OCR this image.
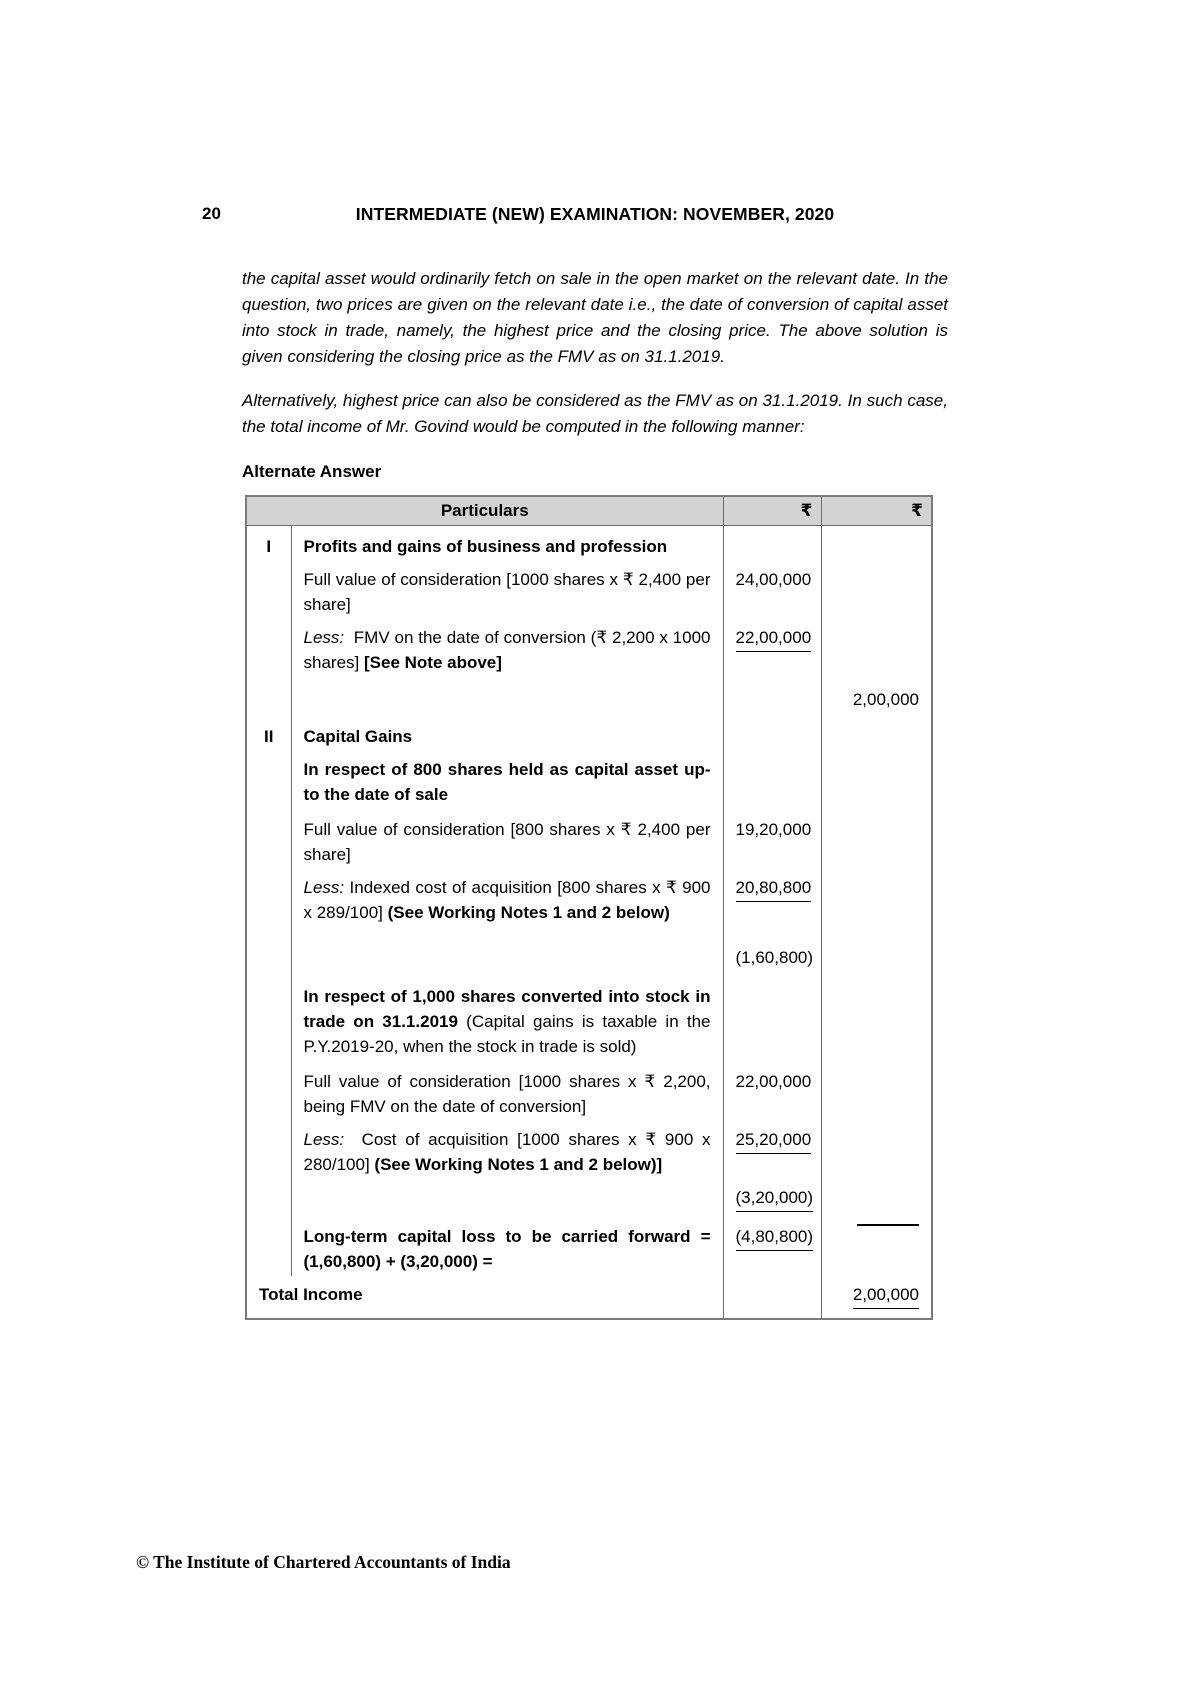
20	INTERMEDIATE (NEW) EXAMINATION: NOVEMBER, 2020

the capital asset would ordinarily fetch on sale in the open market on the relevant date. In the question, two prices are given on the relevant date i.e., the date of conversion of capital asset into stock in trade, namely, the highest price and the closing price. The above solution is given considering the closing price as the FMV as on 31.1.2019.

Alternatively, highest price can also be considered as the FMV as on 31.1.2019. In such case, the total income of Mr. Govind would be computed in the following manner:

Alternate Answer
Particulars		₹	₹
I	Profits and gains of business and profession		
	Full value of consideration [1000 shares x ₹ 2,400 per share]	24,00,000	
	Less:  FMV on the date of conversion (₹ 2,200 x 1000 shares] [See Note above]	22,00,000	
			2,00,000
II	Capital Gains		
	In respect of 800 shares held as capital asset up-to the date of sale		
	Full value of consideration [800 shares x ₹ 2,400 per share]	19,20,000	
	Less: Indexed cost of acquisition [800 shares x ₹ 900 x 289/100] (See Working Notes 1 and 2 below)	20,80,800	
		(1,60,800)	
	In respect of 1,000 shares converted into stock in trade on 31.1.2019 (Capital gains is taxable in the P.Y.2019-20, when the stock in trade is sold)		
	Full value of consideration [1000 shares x ₹ 2,200, being FMV on the date of conversion]	22,00,000	
	Less:  Cost of acquisition [1000 shares x ₹ 900 x 280/100] (See Working Notes 1 and 2 below)]	25,20,000	
		(3,20,000)	
	Long-term capital loss to be carried forward = (1,60,800) + (3,20,000) =	(4,80,800)	

Total Income			2,00,000
© The Institute of Chartered Accountants of India
